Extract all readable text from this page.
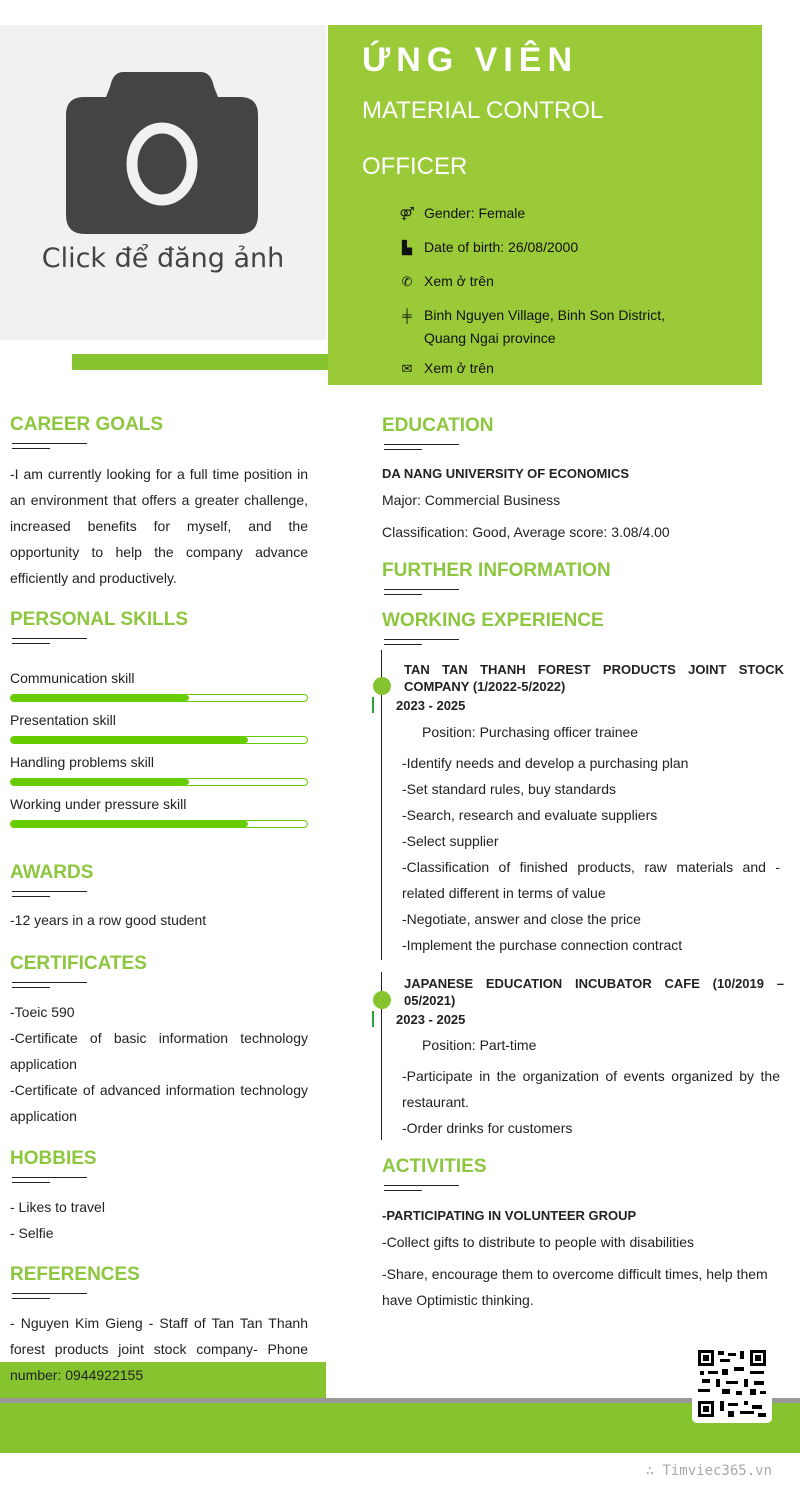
Click để đăng ảnh
ỨNG VIÊN
MATERIAL CONTROL
OFFICER
⚤ Gender: Female
▙ Date of birth: 26/08/2000
✆ Xem ở trên
╪ Binh Nguyen Village, Binh Son District, Quang Ngai province
✉ Xem ở trên
CAREER GOALS
-I am currently looking for a full time position in an environment that offers a greater challenge, increased benefits for myself, and the opportunity to help the company advance efficiently and productively.
PERSONAL SKILLS
Communication skill
Presentation skill
Handling problems skill
Working under pressure skill
AWARDS
-12 years in a row good student
CERTIFICATES
-Toeic 590
-Certificate of basic information technology application
-Certificate of advanced information technology application
HOBBIES
- Likes to travel
- Selfie
REFERENCES
- Nguyen Kim Gieng - Staff of Tan Tan Thanh forest products joint stock company- Phone number: 0944922155
EDUCATION
DA NANG UNIVERSITY OF ECONOMICS
Major: Commercial Business
Classification: Good, Average score: 3.08/4.00
FURTHER INFORMATION
WORKING EXPERIENCE
TAN TAN THANH FOREST PRODUCTS JOINT STOCK COMPANY (1/2022-5/2022)
2023 - 2025
Position: Purchasing officer trainee
-Identify needs and develop a purchasing plan
-Set standard rules, buy standards
-Search, research and evaluate suppliers
-Select supplier
-Classification of finished products, raw materials and -related different in terms of value
-Negotiate, answer and close the price
-Implement the purchase connection contract
JAPANESE EDUCATION INCUBATOR CAFE (10/2019 – 05/2021)
2023 - 2025
Position: Part-time
-Participate in the organization of events organized by the restaurant.
-Order drinks for customers
ACTIVITIES
-PARTICIPATING IN VOLUNTEER GROUP
-Collect gifts to distribute to people with disabilities
-Share, encourage them to overcome difficult times, help them have Optimistic thinking.
∴ Timviec365.vn
